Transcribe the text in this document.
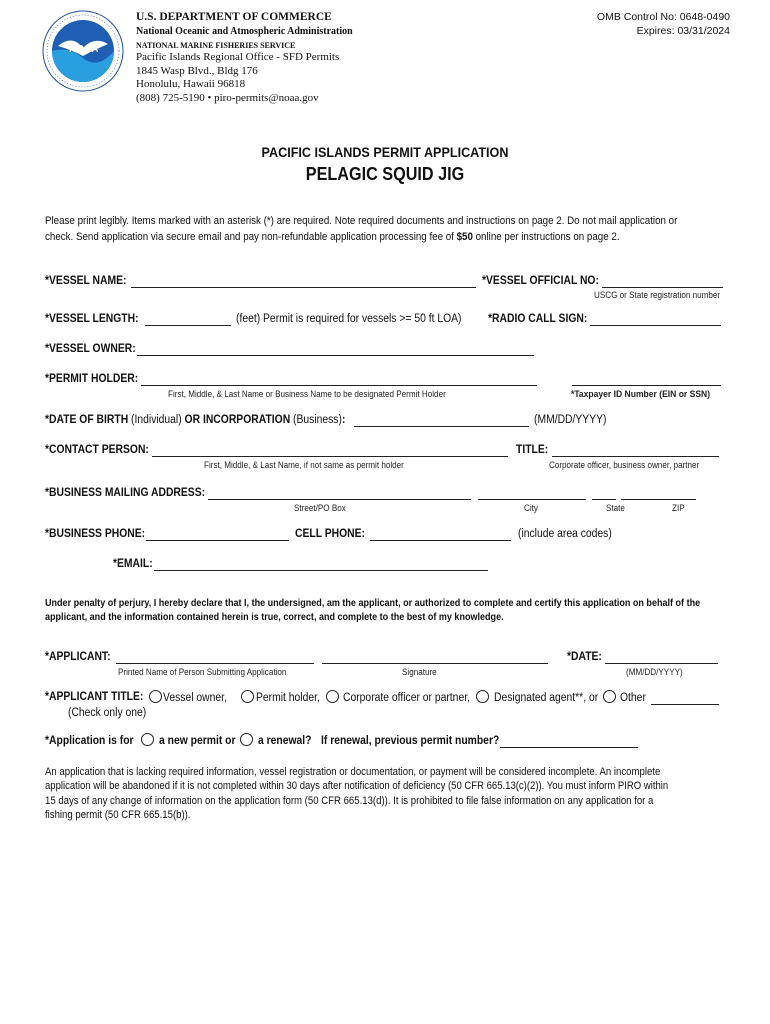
NOAA
U.S. DEPARTMENT OF COMMERCE
National Oceanic and Atmospheric Administration
NATIONAL MARINE FISHERIES SERVICE
Pacific Islands Regional Office - SFD Permits
1845 Wasp Blvd., Bldg 176
Honolulu, Hawaii 96818
(808) 725-5190 • piro-permits@noaa.gov
OMB Control No: 0648-0490
Expires: 03/31/2024
PACIFIC ISLANDS PERMIT APPLICATION
PELAGIC SQUID JIG
Please print legibly. Items marked with an asterisk (*) are required. Note required documents and instructions on page 2. Do not mail application or
check. Send application via secure email and pay non-refundable application processing fee of $50 online per instructions on page 2.
*VESSEL NAME:	*VESSEL OFFICIAL NO:
USCG or State registration number
*VESSEL LENGTH:	(feet) Permit is required for vessels >= 50 ft LOA) *RADIO CALL SIGN:
*VESSEL OWNER:
*PERMIT HOLDER:
First, Middle, & Last Name or Business Name to be designated Permit Holder	*Taxpayer ID Number (EIN or SSN)
*DATE OF BIRTH (Individual) OR INCORPORATION (Business):	(MM/DD/YYYY)
*CONTACT PERSON:
First, Middle, & Last Name, if not same as permit holder
TITLE:
Corporate officer, business owner, partner
*BUSINESS MAILING ADDRESS:
Street/PO Box	City	State	ZIP
*BUSINESS PHONE:	CELL PHONE:	(include area codes)
*EMAIL:
Under penalty of perjury, I hereby declare that I, the undersigned, am the applicant, or authorized to complete and certify this application on behalf of the
applicant, and the information contained herein is true, correct, and complete to the best of my knowledge.
*APPLICANT:	*DATE:
Printed Name of Person Submitting Application	Signature	(MM/DD/YYYY)
*APPLICANT TITLE: Vessel owner,	Permit holder, Corporate officer or partner, Designated agent**, or Other
(Check only one)
*Application is for a new permit or a renewal? If renewal, previous permit number?
An application that is lacking required information, vessel registration or documentation, or payment will be considered incomplete. An incomplete
application will be abandoned if it is not completed within 30 days after notification of deficiency (50 CFR 665.13(c)(2)). You must inform PIRO within
15 days of any change of information on the application form (50 CFR 665.13(d)). It is prohibited to file false information on any application for a
fishing permit (50 CFR 665.15(b)).
